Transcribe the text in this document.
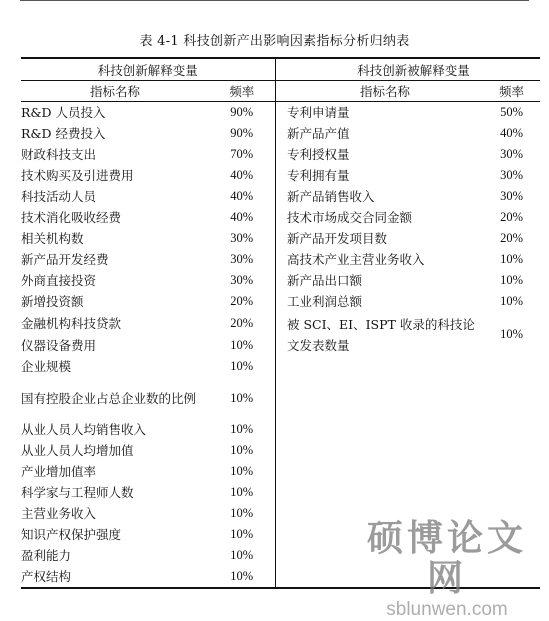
表 4-1 科技创新产出影响因素指标分析归纳表
科技创新解释变量			科技创新被解释变量	
指标名称	频率		指标名称	频率
R&D 人员投入	90%		专利申请量	50%
R&D 经费投入	90%		新产品产值	40%
财政科技支出	70%		专利授权量	30%
技术购买及引进费用	40%		专利拥有量	30%
科技活动人员	40%		新产品销售收入	30%
技术消化吸收经费	40%		技术市场成交合同金额	20%
相关机构数	30%		新产品开发项目数	20%
新产品开发经费	30%		高技术产业主营业务收入	10%
外商直接投资	30%		新产品出口额	10%
新增投资额	20%		工业利润总额	10%
金融机构科技贷款	20%		被 SCI、EI、ISPT 收录的科技论文发表数量	10%
仪器设备费用	10%			
企业规模	10%			
国有控股企业占总企业数的比例	10%			
从业人员人均销售收入	10%			
从业人员人均增加值	10%			
产业增加值率	10%			
科学家与工程师人数	10%			
主营业务收入	10%			
知识产权保护强度	10%			
盈利能力	10%			
产权结构	10%			
硕博论文网
sblunwen.com
